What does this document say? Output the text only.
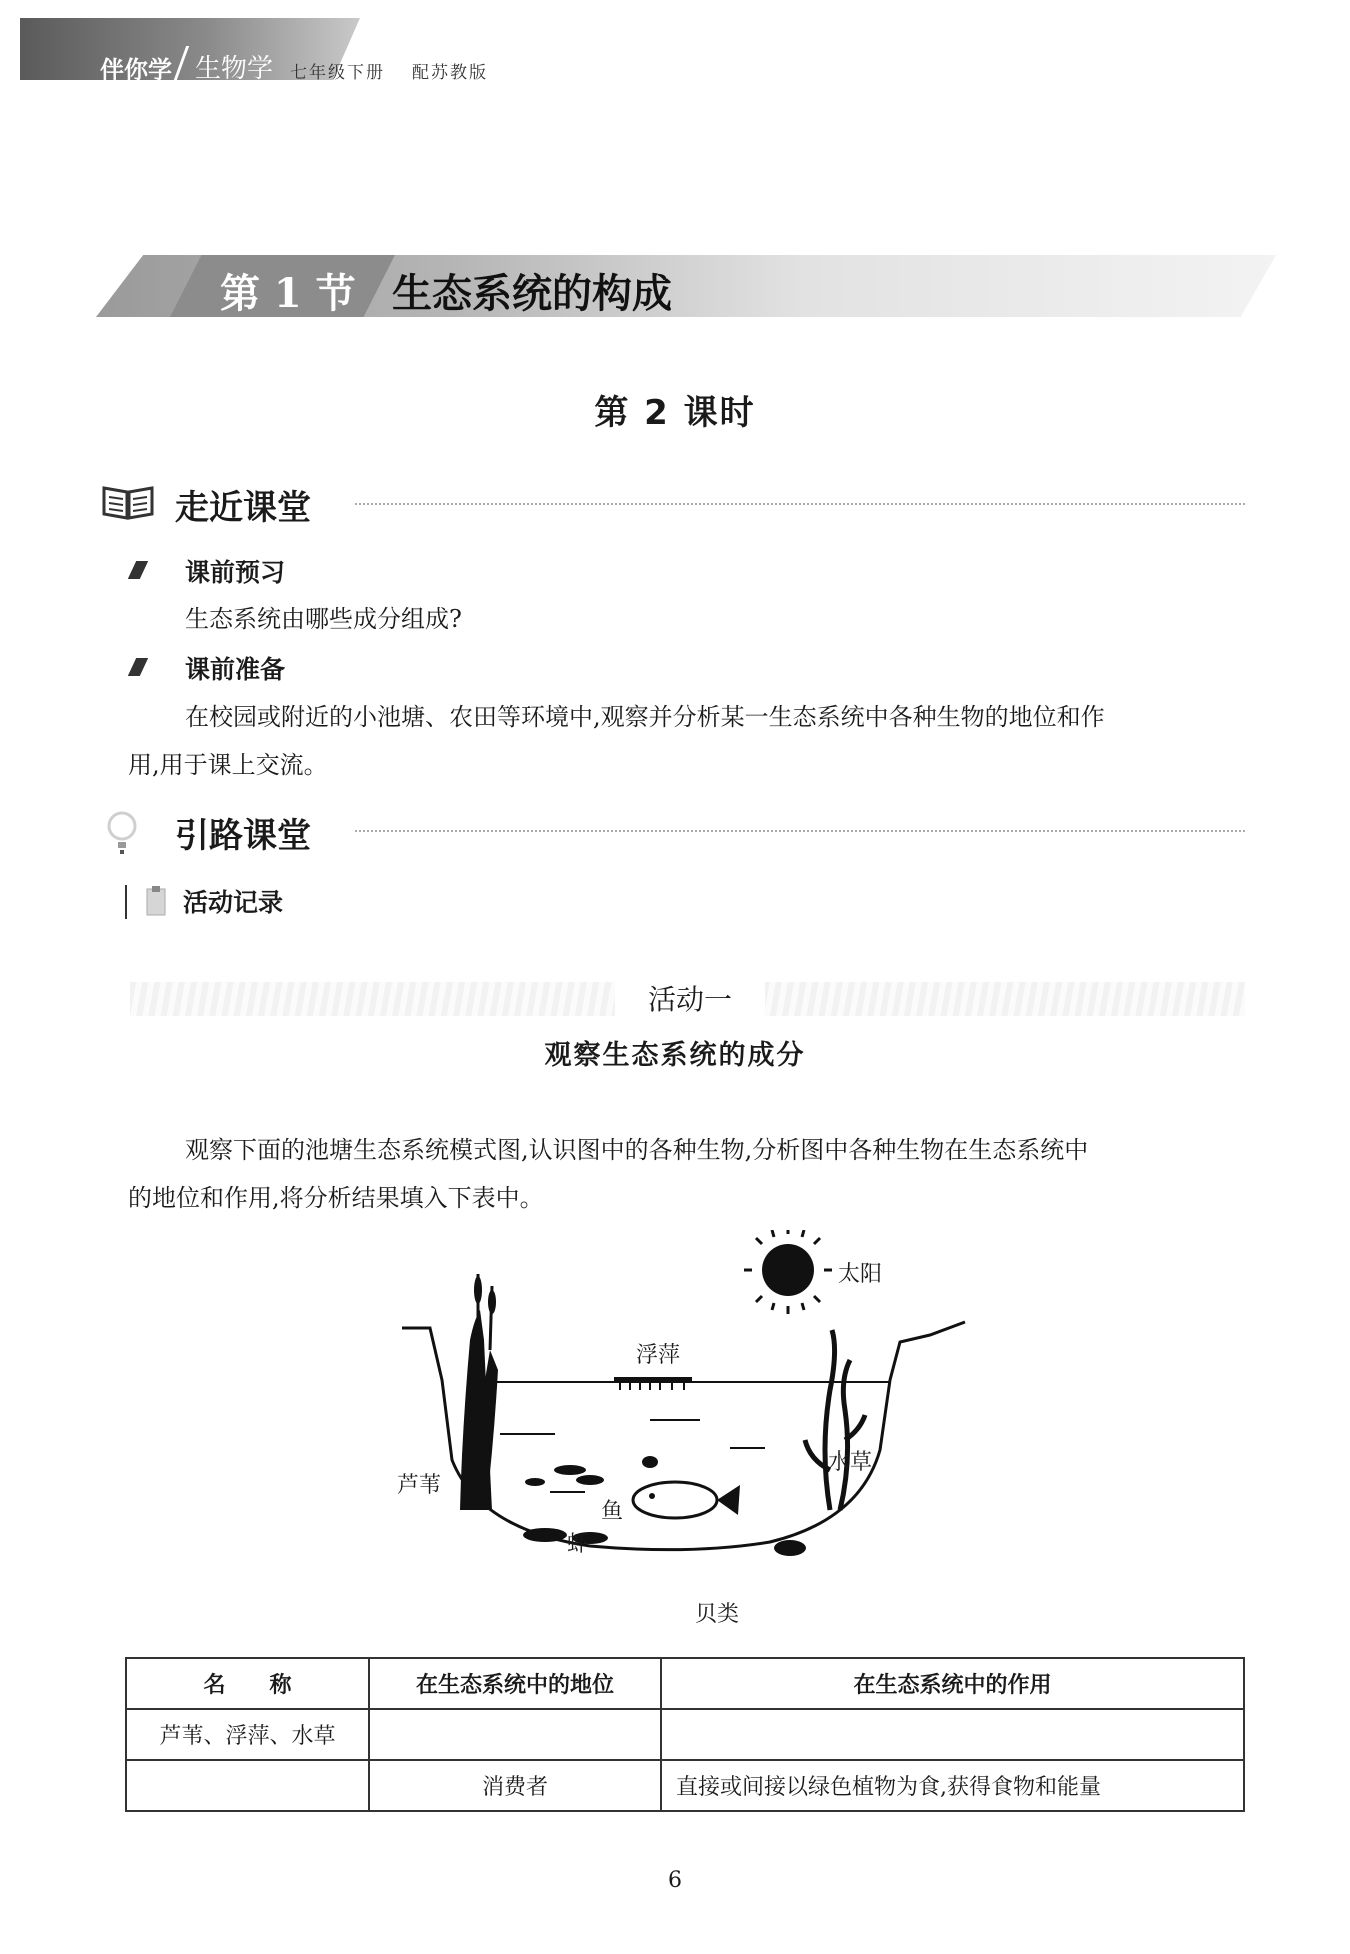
伴你学 生物学 七年级下册 配苏教版
第 1 节 生态系统的构成
第 2 课时
走近课堂
课前预习
生态系统由哪些成分组成?
课前准备
在校园或附近的小池塘、农田等环境中,观察并分析某一生态系统中各种生物的地位和作
用,用于课上交流。
引路课堂
活动记录
活动一
观察生态系统的成分
观察下面的池塘生态系统模式图,认识图中的各种生物,分析图中各种生物在生态系统中
的地位和作用,将分析结果填入下表中。
太阳
浮萍
芦苇
水草
鱼
虾
贝类
名　　称	在生态系统中的地位	在生态系统中的作用
芦苇、浮萍、水草		
	消费者	直接或间接以绿色植物为食,获得食物和能量
6
